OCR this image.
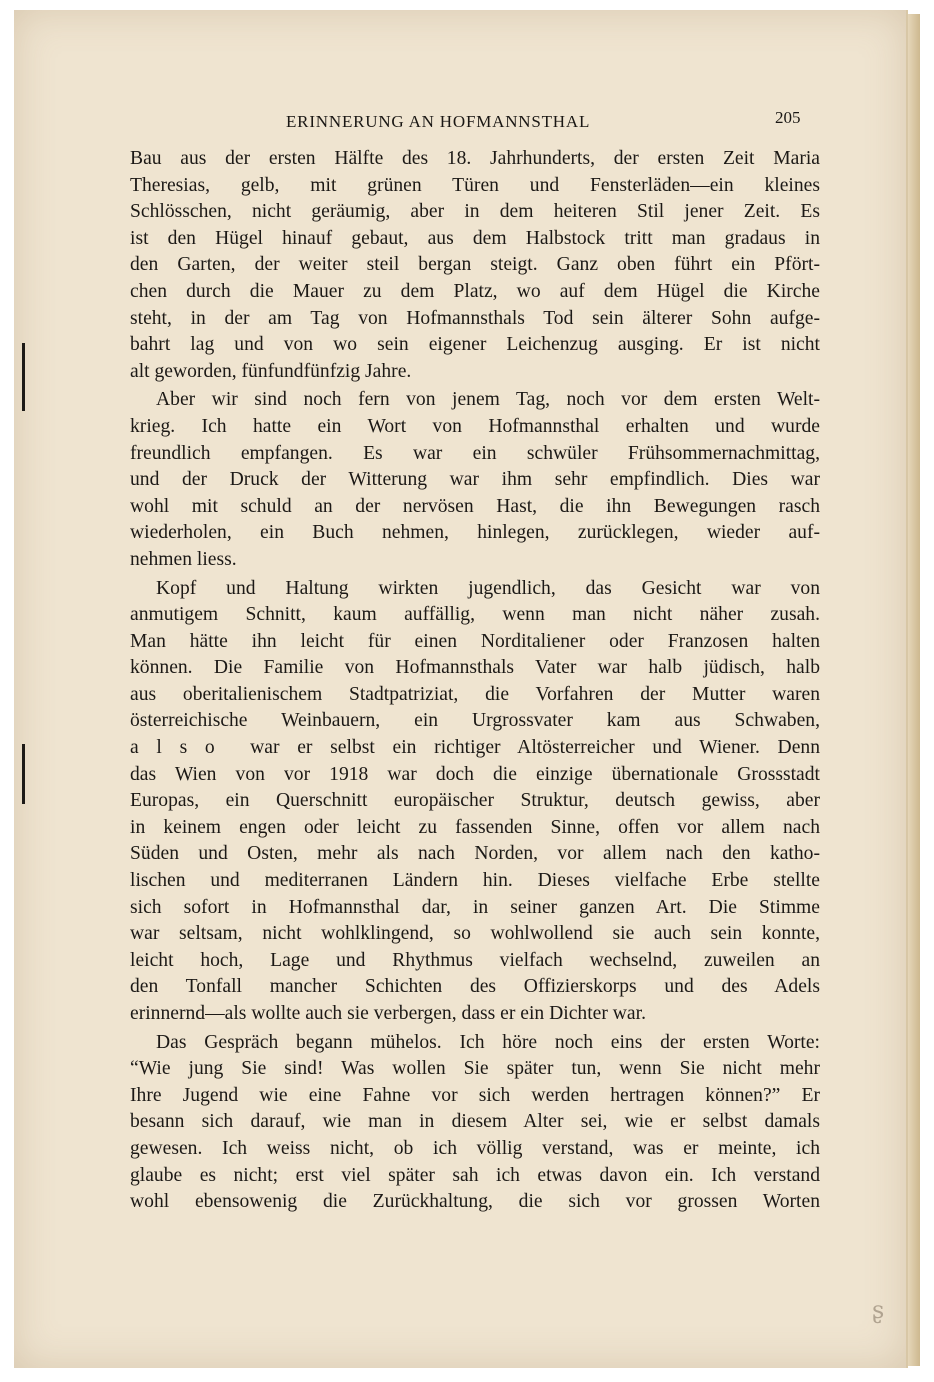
ERINNERUNG AN HOFMANNSTHAL	205
Bau aus der ersten Hälfte des 18. Jahrhunderts, der ersten Zeit Maria
Theresias, gelb, mit grünen Türen und Fensterläden—ein kleines
Schlösschen, nicht geräumig, aber in dem heiteren Stil jener Zeit. Es
ist den Hügel hinauf gebaut, aus dem Halbstock tritt man gradaus in
den Garten, der weiter steil bergan steigt. Ganz oben führt ein Pfört-
chen durch die Mauer zu dem Platz, wo auf dem Hügel die Kirche
steht, in der am Tag von Hofmannsthals Tod sein älterer Sohn aufge-
bahrt lag und von wo sein eigener Leichenzug ausging. Er ist nicht
alt geworden, fünfundfünfzig Jahre.
Aber wir sind noch fern von jenem Tag, noch vor dem ersten Welt-
krieg. Ich hatte ein Wort von Hofmannsthal erhalten und wurde
freundlich empfangen. Es war ein schwüler Frühsommernachmittag,
und der Druck der Witterung war ihm sehr empfindlich. Dies war
wohl mit schuld an der nervösen Hast, die ihn Bewegungen rasch
wiederholen, ein Buch nehmen, hinlegen, zurücklegen, wieder auf-
nehmen liess.
Kopf und Haltung wirkten jugendlich, das Gesicht war von
anmutigem Schnitt, kaum auffällig, wenn man nicht näher zusah.
Man hätte ihn leicht für einen Norditaliener oder Franzosen halten
können. Die Familie von Hofmannsthals Vater war halb jüdisch, halb
aus oberitalienischem Stadtpatriziat, die Vorfahren der Mutter waren
österreichische Weinbauern, ein Urgrossvater kam aus Schwaben,
a l s o  war er selbst ein richtiger Altösterreicher und Wiener. Denn
das Wien von vor 1918 war doch die einzige übernationale Grossstadt
Europas, ein Querschnitt europäischer Struktur, deutsch gewiss, aber
in keinem engen oder leicht zu fassenden Sinne, offen vor allem nach
Süden und Osten, mehr als nach Norden, vor allem nach den katho-
lischen und mediterranen Ländern hin. Dieses vielfache Erbe stellte
sich sofort in Hofmannsthal dar, in seiner ganzen Art. Die Stimme
war seltsam, nicht wohlklingend, so wohlwollend sie auch sein konnte,
leicht hoch, Lage und Rhythmus vielfach wechselnd, zuweilen an
den Tonfall mancher Schichten des Offizierskorps und des Adels
erinnernd—als wollte auch sie verbergen, dass er ein Dichter war.
Das Gespräch begann mühelos. Ich höre noch eins der ersten Worte:
“Wie jung Sie sind! Was wollen Sie später tun, wenn Sie nicht mehr
Ihre Jugend wie eine Fahne vor sich werden hertragen können?” Er
besann sich darauf, wie man in diesem Alter sei, wie er selbst damals
gewesen. Ich weiss nicht, ob ich völlig verstand, was er meinte, ich
glaube es nicht; erst viel später sah ich etwas davon ein. Ich verstand
wohl ebensowenig die Zurückhaltung, die sich vor grossen Worten
ʂ
